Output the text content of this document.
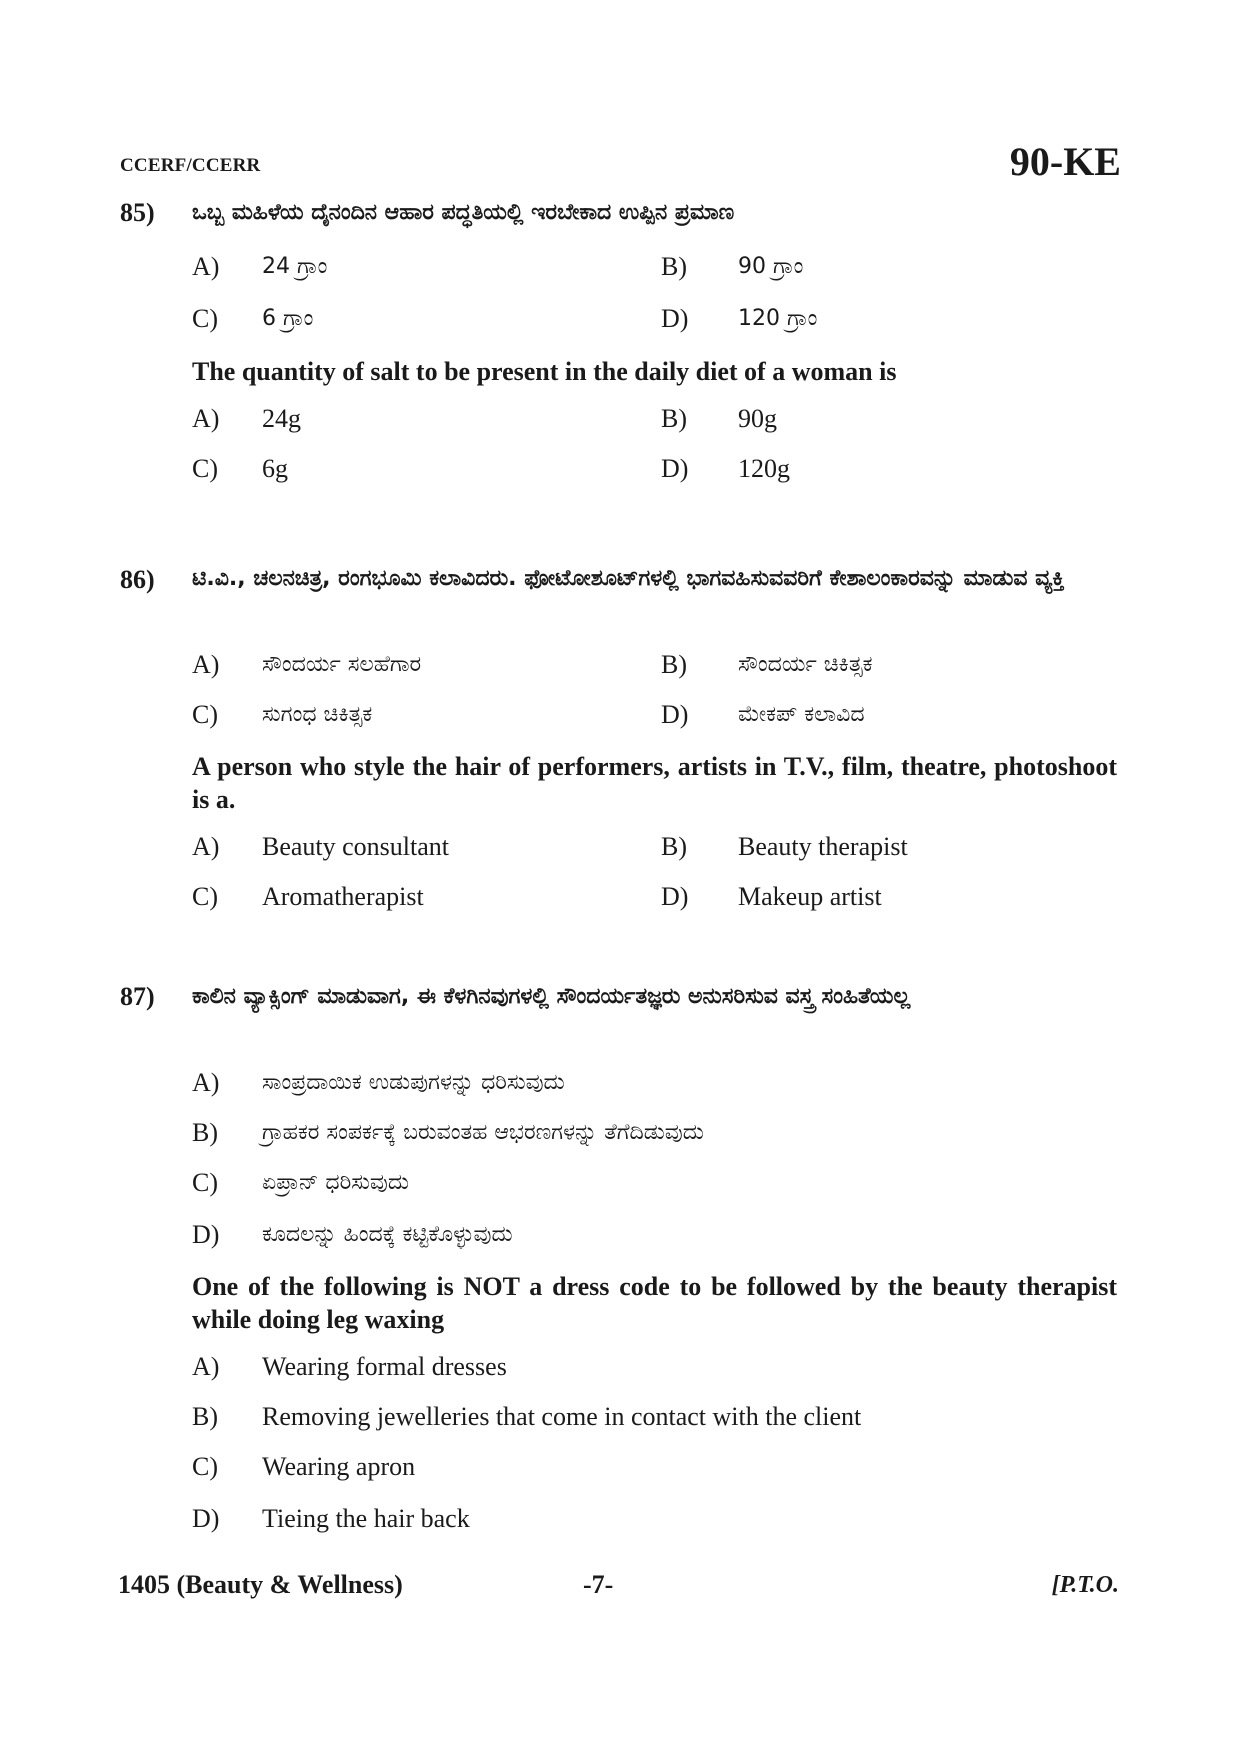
CCERF/CCERR	90-KE
85) ಒಬ್ಬ ಮಹಿಳೆಯ ದೈನಂದಿನ ಆಹಾರ ಪದ್ಧತಿಯಲ್ಲಿ ಇರಬೇಕಾದ ಉಪ್ಪಿನ ಪ್ರಮಾಣ
A) 24 ಗ್ರಾಂ	B) 90 ಗ್ರಾಂ
C) 6 ಗ್ರಾಂ	D) 120 ಗ್ರಾಂ
The quantity of salt to be present in the daily diet of a woman is
A) 24g	B) 90g
C) 6g	D) 120g
86) ಟಿ.ವಿ., ಚಲನಚಿತ್ರ, ರಂಗಭೂಮಿ ಕಲಾವಿದರು. ಫೋಟೋಶೂಟ್‌ಗಳಲ್ಲಿ ಭಾಗವಹಿಸುವವರಿಗೆ ಕೇಶಾಲಂಕಾರವನ್ನು ಮಾಡುವ ವ್ಯಕ್ತಿ
A) ಸೌಂದರ್ಯ ಸಲಹೆಗಾರ	B) ಸೌಂದರ್ಯ ಚಿಕಿತ್ಸಕ
C) ಸುಗಂಧ ಚಿಕಿತ್ಸಕ	D) ಮೇಕಪ್ ಕಲಾವಿದ
A person who style the hair of performers, artists in T.V., film, theatre, photoshoot is a.
A) Beauty consultant	B) Beauty therapist
C) Aromatherapist	D) Makeup artist
87) ಕಾಲಿನ ವ್ಯಾಕ್ಸಿಂಗ್ ಮಾಡುವಾಗ, ಈ ಕೆಳಗಿನವುಗಳಲ್ಲಿ ಸೌಂದರ್ಯತಜ್ಞರು ಅನುಸರಿಸುವ ವಸ್ತ್ರ ಸಂಹಿತೆಯಲ್ಲ
A) ಸಾಂಪ್ರದಾಯಿಕ ಉಡುಪುಗಳನ್ನು ಧರಿಸುವುದು
B) ಗ್ರಾಹಕರ ಸಂಪರ್ಕಕ್ಕೆ ಬರುವಂತಹ ಆಭರಣಗಳನ್ನು ತೆಗೆದಿಡುವುದು
C) ಏಪ್ರಾನ್ ಧರಿಸುವುದು
D) ಕೂದಲನ್ನು ಹಿಂದಕ್ಕೆ ಕಟ್ಟಿಕೊಳ್ಳುವುದು
One of the following is NOT a dress code to be followed by the beauty therapist while doing leg waxing
A) Wearing formal dresses
B) Removing jewelleries that come in contact with the client
C) Wearing apron
D) Tieing the hair back
1405 (Beauty & Wellness)	-7-	[P.T.O.
